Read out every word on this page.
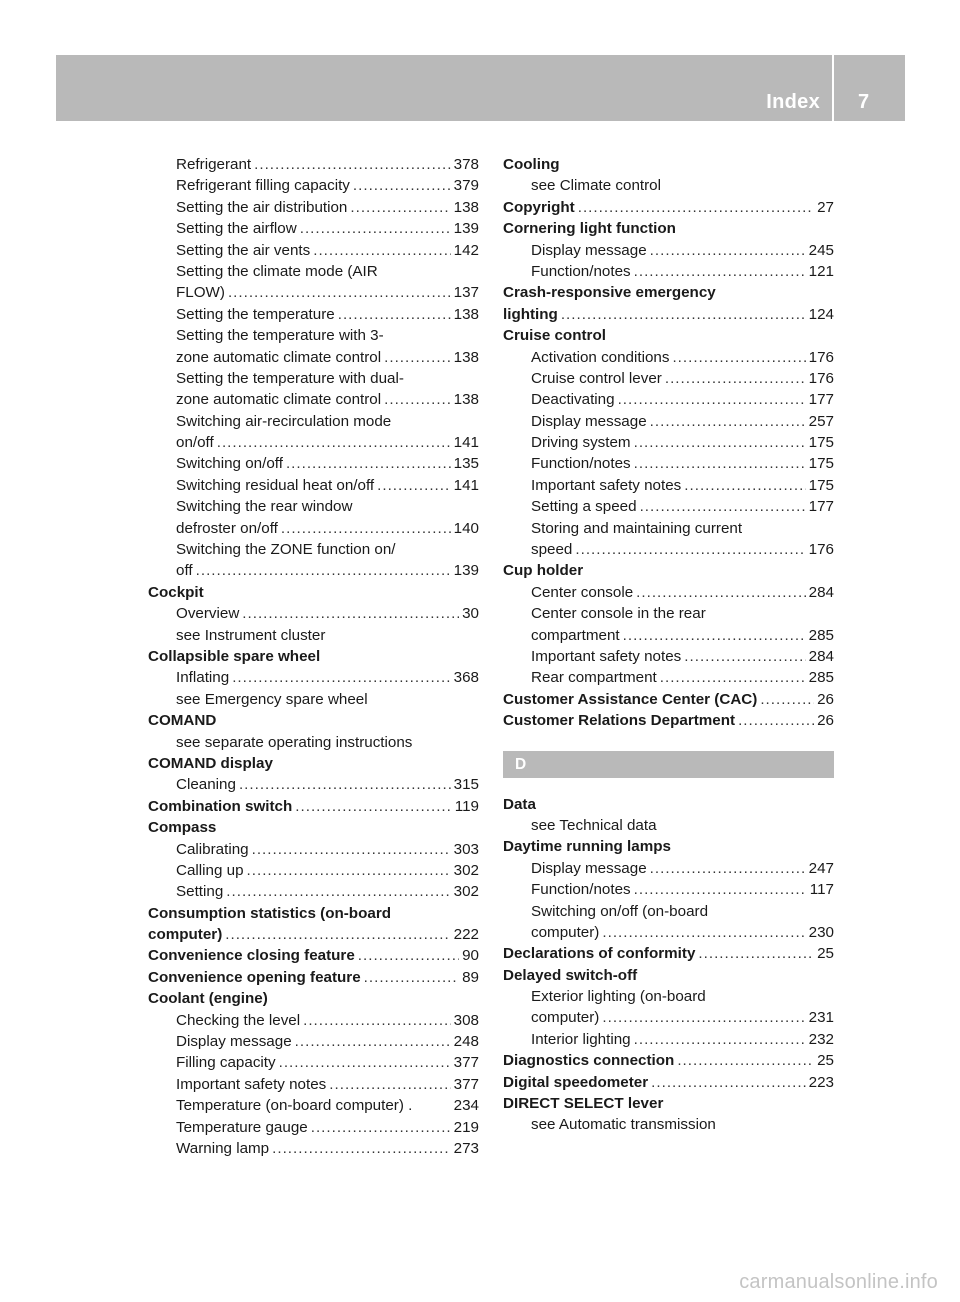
Index 7
Refrigerant .....	378
Refrigerant filling capacity .....	379
Setting the air distribution .....	138
Setting the airflow .....	139
Setting the air vents .....	142
Setting the climate mode (AIR
FLOW) .....	137
Setting the temperature .....	138
Setting the temperature with 3-
zone automatic climate control .....	138
Setting the temperature with dual-
zone automatic climate control .....	138
Switching air-recirculation mode
on/off .....	141
Switching on/off .....	135
Switching residual heat on/off .....	141
Switching the rear window
defroster on/off .....	140
Switching the ZONE function on/
off .....	139
Cockpit
Overview .....	30
see Instrument cluster
Collapsible spare wheel
Inflating .....	368
see Emergency spare wheel
COMAND
see separate operating instructions
COMAND display
Cleaning .....	315
Combination switch .....	119
Compass
Calibrating .....	303
Calling up .....	302
Setting .....	302
Consumption statistics (on-board
computer) .....	222
Convenience closing feature .....	90
Convenience opening feature .....	89
Coolant (engine)
Checking the level .....	308
Display message .....	248
Filling capacity .....	377
Important safety notes .....	377
Temperature (on-board computer) .	234
Temperature gauge .....	219
Warning lamp .....	273
Cooling
see Climate control
Copyright .....	27
Cornering light function
Display message .....	245
Function/notes .....	121
Crash-responsive emergency
lighting .....	124
Cruise control
Activation conditions .....	176
Cruise control lever .....	176
Deactivating .....	177
Display message .....	257
Driving system .....	175
Function/notes .....	175
Important safety notes .....	175
Setting a speed .....	177
Storing and maintaining current
speed .....	176
Cup holder
Center console .....	284
Center console in the rear
compartment .....	285
Important safety notes .....	284
Rear compartment .....	285
Customer Assistance Center (CAC) .....	26
Customer Relations Department .....	26
D
Data
see Technical data
Daytime running lamps
Display message .....	247
Function/notes .....	117
Switching on/off (on-board
computer) .....	230
Declarations of conformity .....	25
Delayed switch-off
Exterior lighting (on-board
computer) .....	231
Interior lighting .....	232
Diagnostics connection .....	25
Digital speedometer .....	223
DIRECT SELECT lever
see Automatic transmission
carmanualsonline.info
